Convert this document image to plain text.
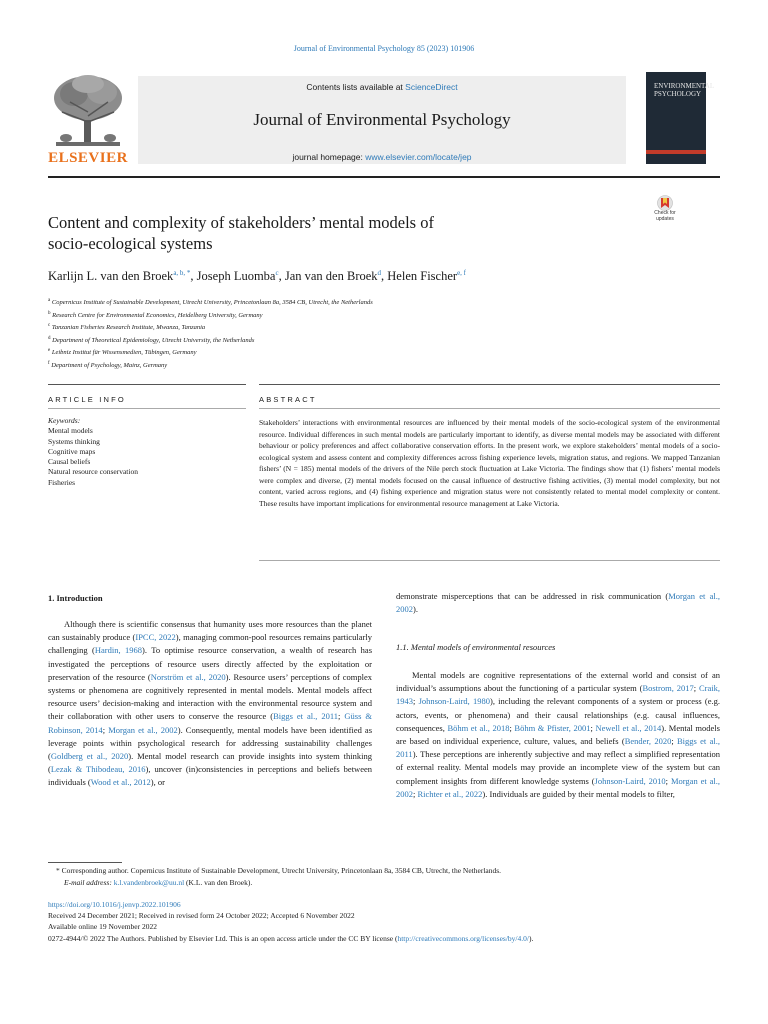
Journal of Environmental Psychology 85 (2023) 101906
ELSEVIER
Contents lists available at ScienceDirect
Journal of Environmental Psychology
journal homepage: www.elsevier.com/locate/jep
ENVIRONMENTAL PSYCHOLOGY
Content and complexity of stakeholders’ mental models of
socio-ecological systems
Check for updates
Karlijn L. van den Broek$^{a, b, *}$, Joseph Luomba$^c$, Jan van den Broek$^d$, Helen Fischer$^{e, f}$
$^a$ Copernicus Institute of Sustainable Development, Utrecht University, Princetonlaan 8a, 3584 CB, Utrecht, the Netherlands
$^b$ Research Centre for Environmental Economics, Heidelberg University, Germany
$^c$ Tanzanian Fisheries Research Institute, Mwanza, Tanzania
$^d$ Department of Theoretical Epidemiology, Utrecht University, the Netherlands
$^e$ Leibniz Institut für Wissensmedien, Tübingen, Germany
$^f$ Department of Psychology, Mainz, Germany
ARTICLE INFO	ABSTRACT
Keywords:
Mental models
Systems thinking
Cognitive maps
Causal beliefs
Natural resource conservation
Fisheries
Stakeholders’ interactions with environmental resources are influenced by their mental models of the socio-ecological system of the environmental resource. Individual differences in such mental models are particularly important to identify, as diverse mental models may be associated with different behaviour or policy preferences and affect collaborative conservation efforts. In the present work, we explore stakeholders’ mental models of a socio-ecological system and assess content and complexity differences across fishing experience levels, migration status, and regions. We mapped Tanzanian fishers’ (N = 185) mental models of the drivers of the Nile perch stock fluctuation at Lake Victoria. The findings show that (1) fishers’ mental models were complex and diverse, (2) mental models focused on the causal influence of destructive fishing activities, (3) mental model complexity, but not content, varied across regions, and (4) fishing experience and migration status were not consistently related to mental model complexity or content. These results have important implications for environmental resource management at Lake Victoria.
1. Introduction
Although there is scientific consensus that humanity uses more resources than the planet can sustainably produce (IPCC, 2022), managing common-pool resources remains particularly challenging (Hardin, 1968). To optimise resource conservation, a wealth of research has investigated the perceptions of resource users directly affected by the exploitation or preservation of the resource (Norström et al., 2020). Resource users’ perceptions of complex systems or phenomena are cognitively represented in mental models. Mental models affect resource users’ decision-making and interaction with the environmental resource system and their collaboration with other users to conserve the resource (Biggs et al., 2011; Güss & Robinson, 2014; Morgan et al., 2002). Consequently, mental models have been identified as leverage points within psychological research for addressing sustainability challenges (Goldberg et al., 2020). Mental model research can provide insights into system thinking (Lezak & Thibodeau, 2016), uncover (in)consistencies in perceptions and beliefs between individuals (Wood et al., 2012), or
demonstrate misperceptions that can be addressed in risk communication (Morgan et al., 2002).
1.1. Mental models of environmental resources
Mental models are cognitive representations of the external world and consist of an individual’s assumptions about the functioning of a particular system (Bostrom, 2017; Craik, 1943; Johnson-Laird, 1980), including the relevant components of a system or process (e.g. actors, events, or phenomena) and their causal relationships (e.g. causal influences, consequences, Böhm et al., 2018; Böhm & Pfister, 2001; Newell et al., 2014). Mental models are based on individual experience, culture, values, and beliefs (Bender, 2020; Biggs et al., 2011). These perceptions are inherently subjective and may reflect a simplified representation of external reality. Mental models may provide an incomplete view of the system but can complement insights from different knowledge systems (Johnson-Laird, 2010; Morgan et al., 2002; Richter et al., 2022). Individuals are guided by their mental models to filter,
* Corresponding author. Copernicus Institute of Sustainable Development, Utrecht University, Princetonlaan 8a, 3584 CB, Utrecht, the Netherlands.
E-mail address: k.l.vandenbroek@uu.nl (K.L. van den Broek).
https://doi.org/10.1016/j.jenvp.2022.101906
Received 24 December 2021; Received in revised form 24 October 2022; Accepted 6 November 2022
Available online 19 November 2022
0272-4944/© 2022 The Authors. Published by Elsevier Ltd. This is an open access article under the CC BY license (http://creativecommons.org/licenses/by/4.0/).
